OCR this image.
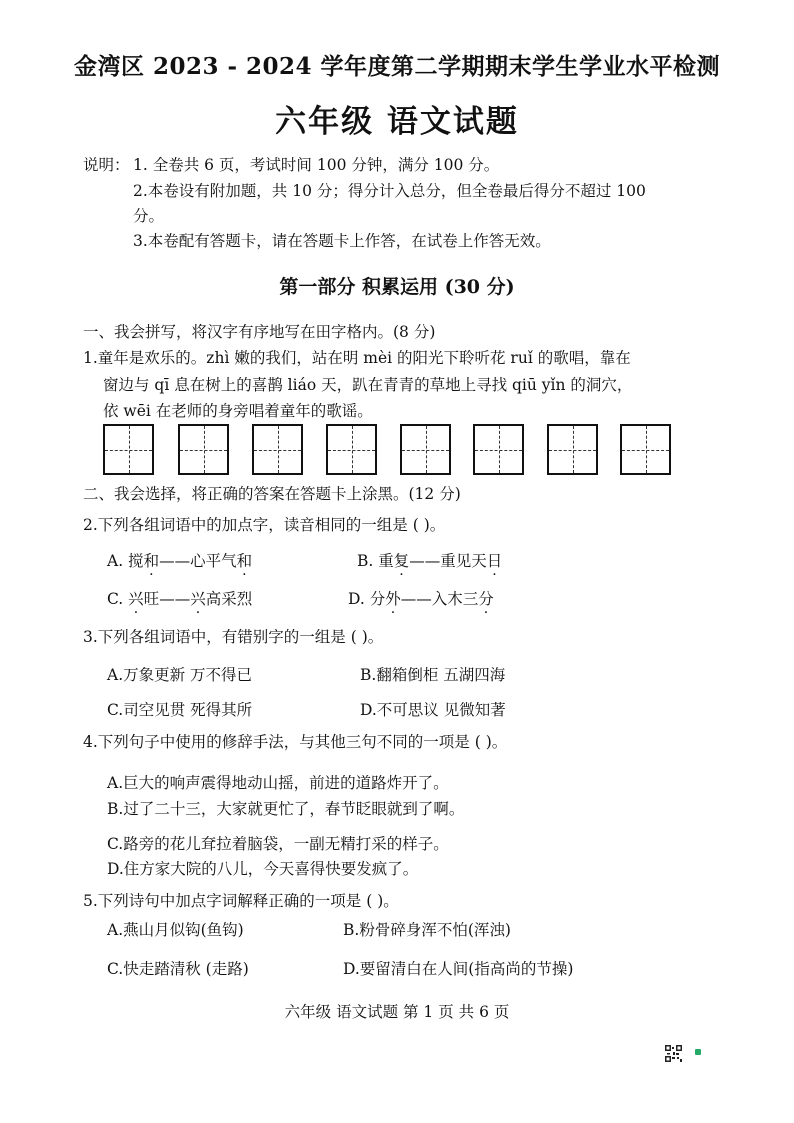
金湾区 2023 - 2024 学年度第二学期期末学生学业水平检测
六年级 语文试题
说明： 1. 全卷共 6 页，考试时间 100 分钟，满分 100 分。
2.本卷设有附加题，共 10 分；得分计入总分，但全卷最后得分不超过 100
分。
3.本卷配有答题卡，请在答题卡上作答，在试卷上作答无效。
第一部分 积累运用 (30 分)
一、我会拼写，将汉字有序地写在田字格内。(8 分)
1.童年是欢乐的。zhì 嫩的我们，站在明 mèi 的阳光下聆听花 ruǐ 的歌唱，靠在
窗边与 qī 息在树上的喜鹊 liáo 天，趴在青青的草地上寻找 qiū yǐn 的洞穴，
依 wēi 在老师的身旁唱着童年的歌谣。
二、我会选择，将正确的答案在答题卡上涂黑。(12 分)
2.下列各组词语中的加点字，读音相同的一组是 ( )。
A. 搅和——心平气和	B. 重复——重见天日
C. 兴旺——兴高采烈	D. 分外——入木三分
3.下列各组词语中，有错别字的一组是 ( )。
A.万象更新 万不得已	B.翻箱倒柜 五湖四海
C.司空见贯 死得其所	D.不可思议 见微知著
4.下列句子中使用的修辞手法，与其他三句不同的一项是 ( )。
A.巨大的响声震得地动山摇，前进的道路炸开了。
B.过了二十三，大家就更忙了，春节眨眼就到了啊。
C.路旁的花儿耷拉着脑袋，一副无精打采的样子。
D.住方家大院的八儿，今天喜得快要发疯了。
5.下列诗句中加点字词解释正确的一项是 ( )。
A.燕山月似钩(鱼钩)	B.粉骨碎身浑不怕(浑浊)
C.快走踏清秋 (走路)	D.要留清白在人间(指高尚的节操)
六年级 语文试题 第 1 页 共 6 页
